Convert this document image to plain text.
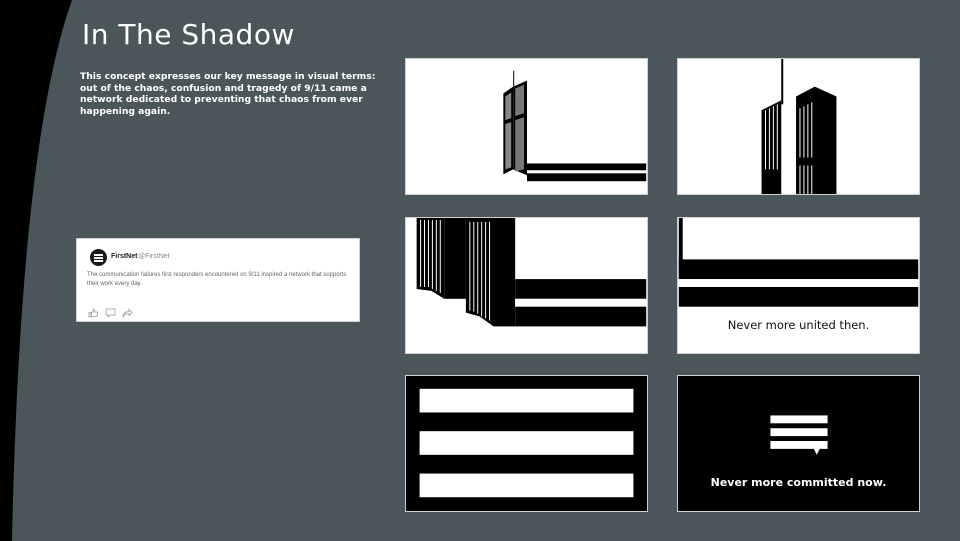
In The Shadow

This concept expresses our key message in visual terms: out of the chaos, confusion and tragedy of 9/11 came a network dedicated to preventing that chaos from ever happening again.

FirstNet @FirstNet

The communication failures first responders encountered on 9/11 inspired a network that supports their work every day.

Never more united then.
Never more committed now.
